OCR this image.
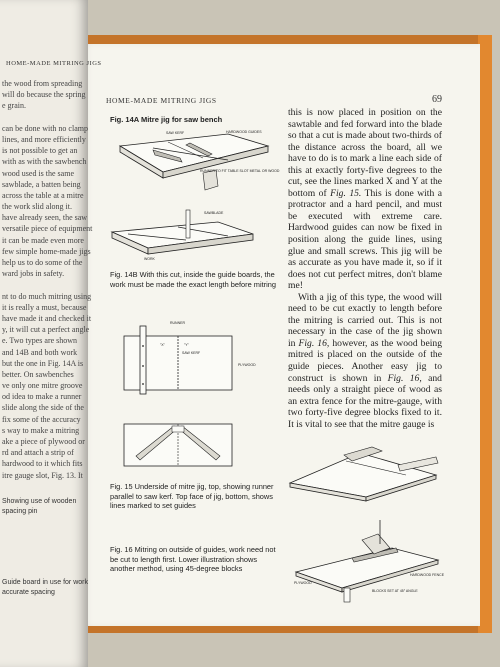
HOME-MADE MITRING JIGS
the wood from spreading
will do because the spring
e grain.
can be done with no clamp
lines, and more efficiently
is not possible to get an
with as with the sawbench
wood used is the same
sawblade, a batten being
across the table at a mitre
the work slid along it.
have already seen, the saw
versatile piece of equipment
it can be made even more
few simple home-made jigs
help us to do some of the
ward jobs in safety.
nt to do much mitring using
it is really a must, because
have made it and checked it
y, it will cut a perfect angle
e. Two types are shown
and 14B and both work
but the one in Fig. 14A is
better. On sawbenches
ve only one mitre groove
od idea to make a runner
slide along the side of the
fix some of the accuracy
s way to make a mitring
ake a piece of plywood or
rd and attach a strip of
hardwood to it which fits
itre gauge slot, Fig. 13. It
Showing use of wooden
spacing pin
Guide board in use for work
accurate spacing
HOME-MADE MITRING JIGS	69
Fig. 14A Mitre jig for saw bench
SAW KERF	HARDWOOD GUIDES
RUNNER TO FIT TABLE SLOT METAL OR WOOD
SAWBLADE
WORK
Fig. 14B With this cut, inside the guide boards, the work must be made the exact length before mitring
RUNNER
"X"	"Y"
SAW KERF
PLYWOOD
Fig. 15 Underside of mitre jig, top, showing runner parallel to saw kerf. Top face of jig, bottom, shows lines marked to set guides
Fig. 16 Mitring on outside of guides, work need not be cut to length first. Lower illustration shows another method, using 45-degree blocks
PLYWOOD
BLOCKS SET AT 45° ANGLE
HARDWOOD FENCE

this is now placed in position on the sawtable and fed forward into the blade so that a cut is made about two-thirds of the distance across the board, all we have to do is to mark a line each side of this at exactly forty-five degrees to the cut, see the lines marked X and Y at the bottom of Fig. 15. This is done with a protractor and a hard pencil, and must be executed with extreme care. Hardwood guides can now be fixed in position along the guide lines, using glue and small screws. This jig will be as accurate as you have made it, so if it does not cut perfect mitres, don't blame me!

With a jig of this type, the wood will need to be cut exactly to length before the mitring is carried out. This is not necessary in the case of the jig shown in Fig. 16, however, as the wood being mitred is placed on the outside of the guide pieces. Another easy jig to construct is shown in Fig. 16, and needs only a straight piece of wood as an extra fence for the mitre-gauge, with two forty-five degree blocks fixed to it. It is vital to see that the mitre gauge is
